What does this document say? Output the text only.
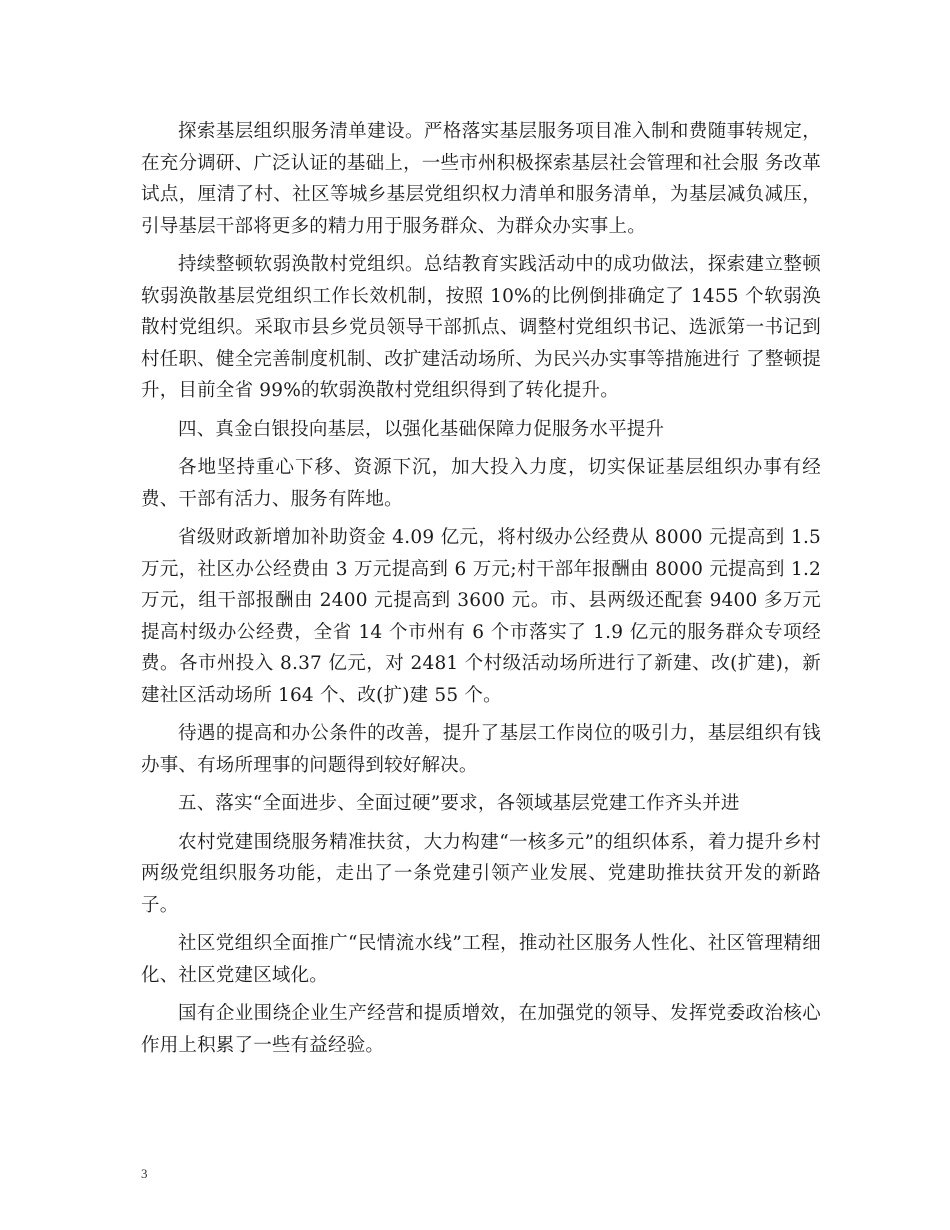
探索基层组织服务清单建设。严格落实基层服务项目准入制和费随事转规定，在充分调研、广泛认证的基础上，一些市州积极探索基层社会管理和社会服 务改革试点，厘清了村、社区等城乡基层党组织权力清单和服务清单，为基层减负减压，引导基层干部将更多的精力用于服务群众、为群众办实事上。

持续整顿软弱涣散村党组织。总结教育实践活动中的成功做法，探索建立整顿软弱涣散基层党组织工作长效机制，按照 10%的比例倒排确定了 1455 个软弱涣散村党组织。采取市县乡党员领导干部抓点、调整村党组织书记、选派第一书记到村任职、健全完善制度机制、改扩建活动场所、为民兴办实事等措施进行 了整顿提升，目前全省 99%的软弱涣散村党组织得到了转化提升。

四、真金白银投向基层，以强化基础保障力促服务水平提升

各地坚持重心下移、资源下沉，加大投入力度，切实保证基层组织办事有经费、干部有活力、服务有阵地。

省级财政新增加补助资金 4.09 亿元，将村级办公经费从 8000 元提高到 1.5 万元，社区办公经费由 3 万元提高到 6 万元;村干部年报酬由 8000 元提高到 1.2 万元，组干部报酬由 2400 元提高到 3600 元。市、县两级还配套 9400 多万元提高村级办公经费，全省 14 个市州有 6 个市落实了 1.9 亿元的服务群众专项经费。各市州投入 8.37 亿元，对 2481 个村级活动场所进行了新建、改(扩建)，新建社区活动场所 164 个、改(扩)建 55 个。

待遇的提高和办公条件的改善，提升了基层工作岗位的吸引力，基层组织有钱办事、有场所理事的问题得到较好解决。

五、落实“全面进步、全面过硬”要求，各领域基层党建工作齐头并进

农村党建围绕服务精准扶贫，大力构建“一核多元”的组织体系，着力提升乡村两级党组织服务功能，走出了一条党建引领产业发展、党建助推扶贫开发的新路子。

社区党组织全面推广“民情流水线”工程，推动社区服务人性化、社区管理精细化、社区党建区域化。

国有企业围绕企业生产经营和提质增效，在加强党的领导、发挥党委政治核心作用上积累了一些有益经验。

3
